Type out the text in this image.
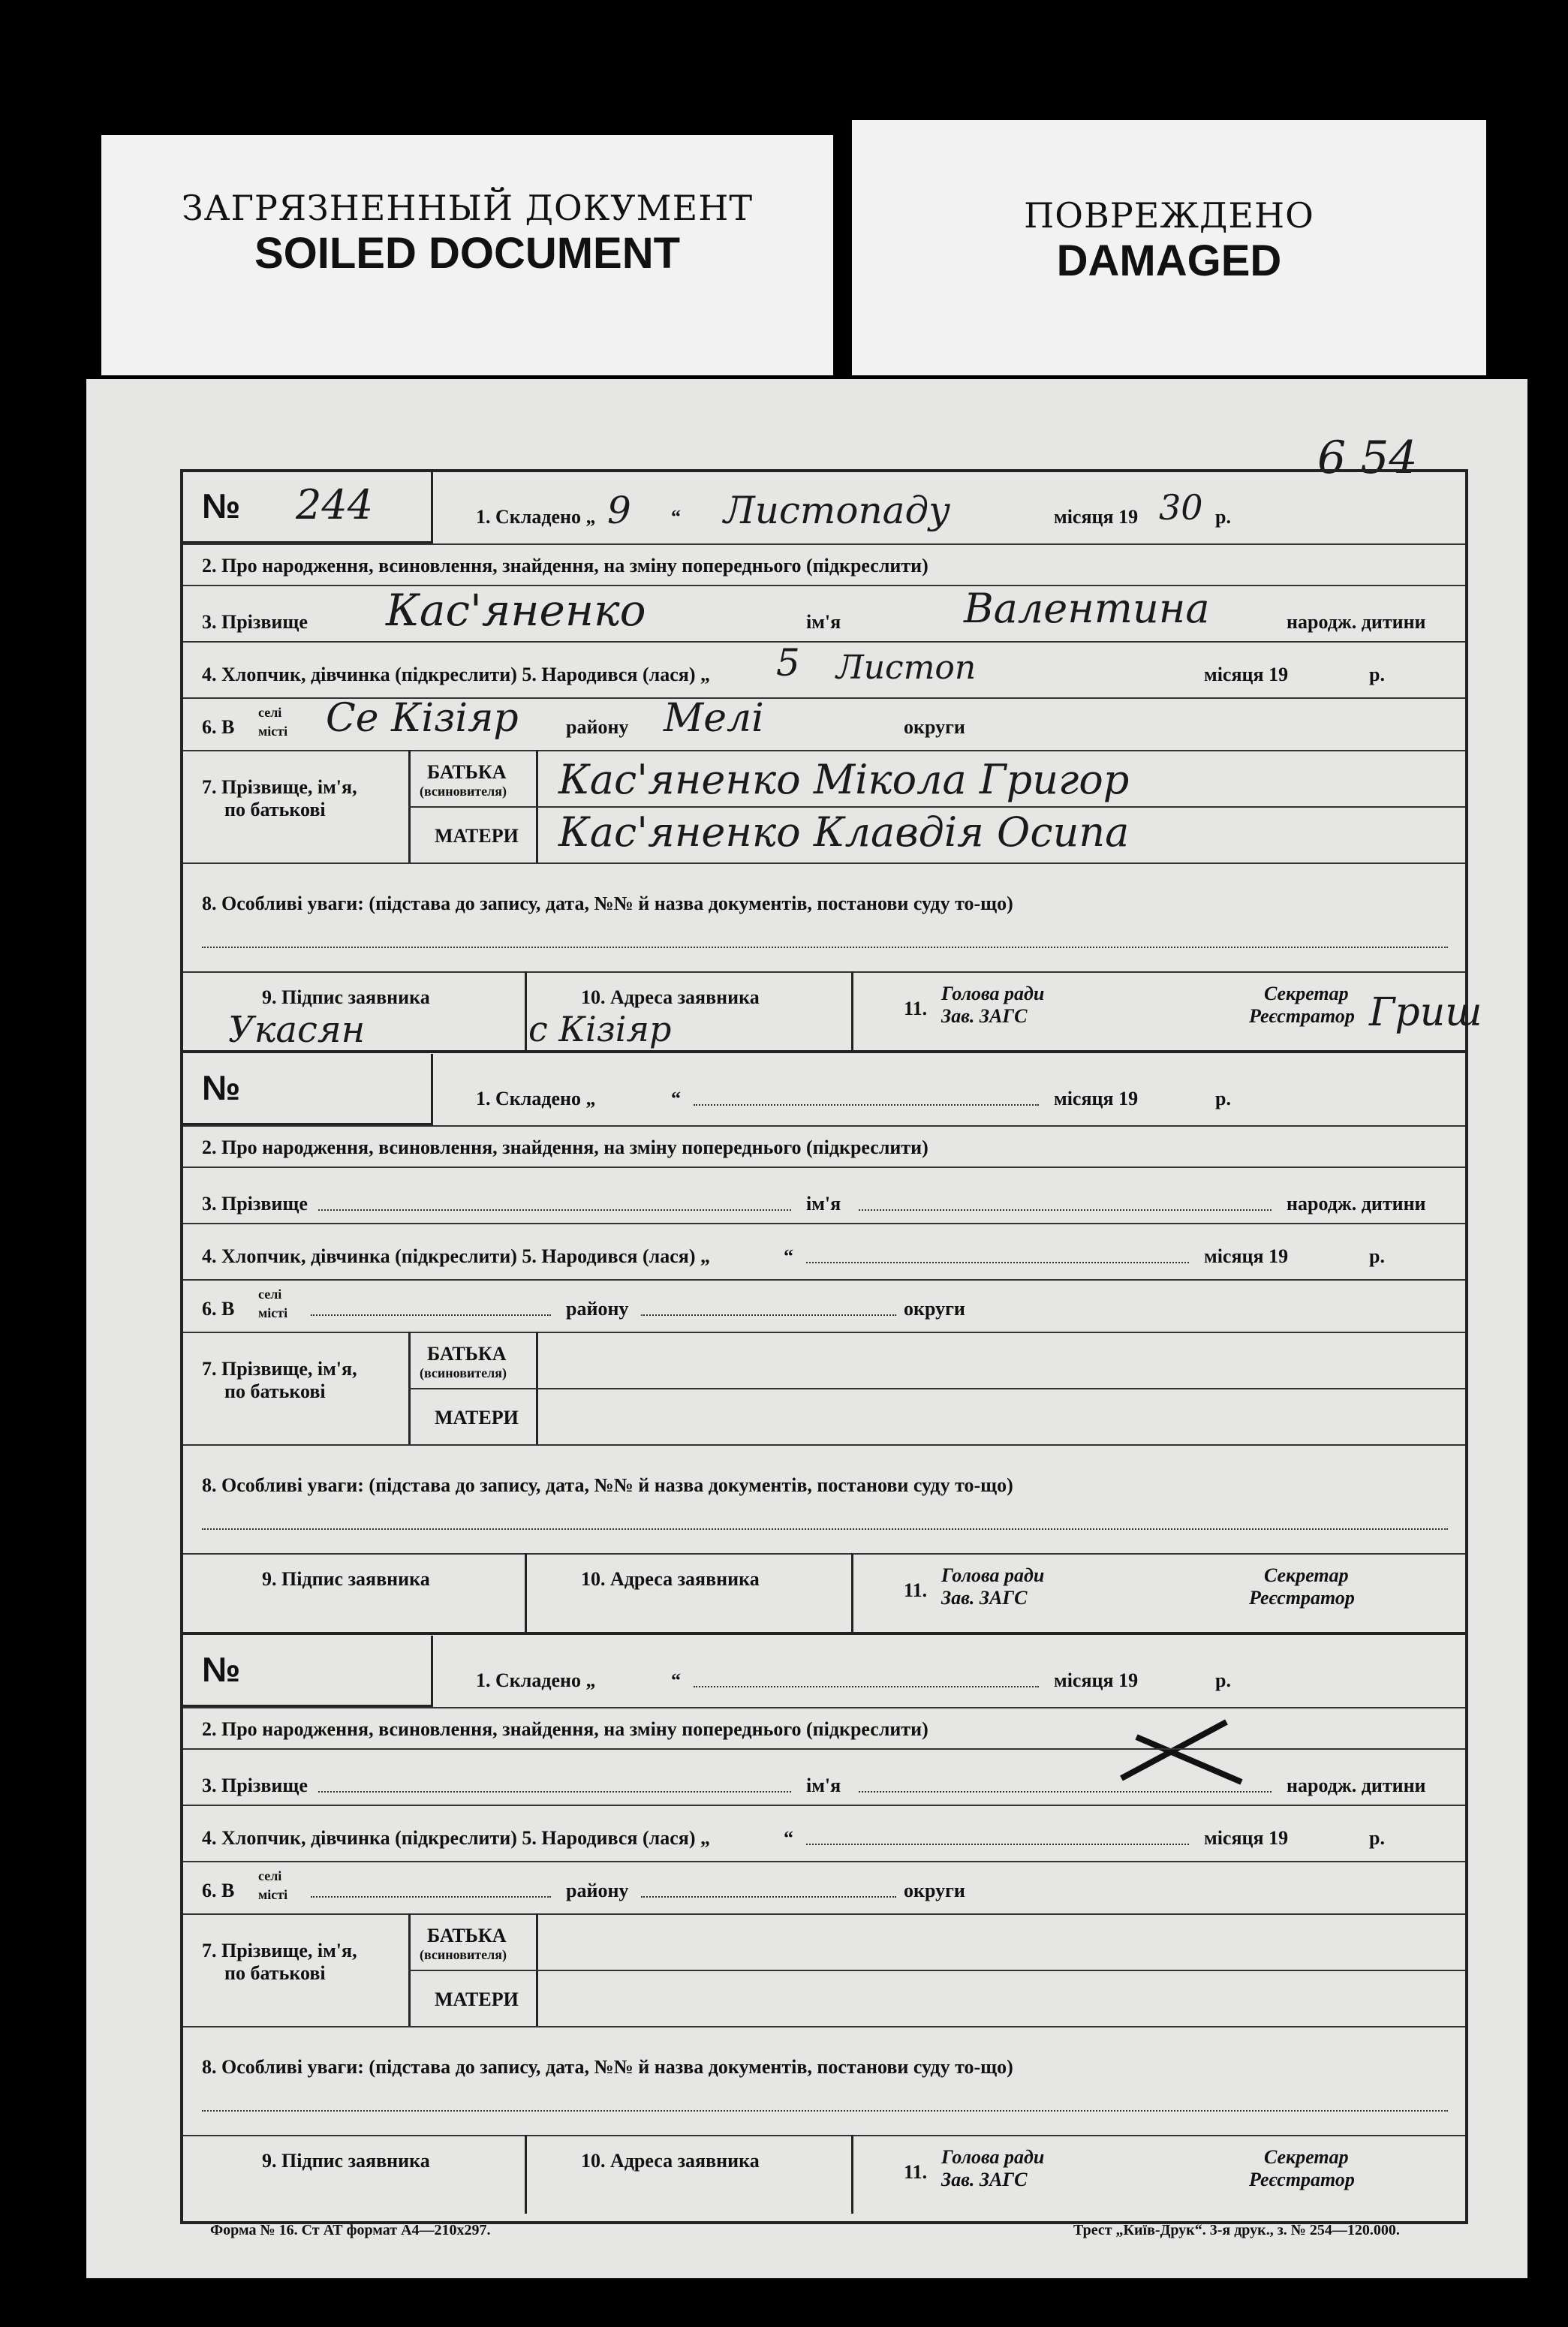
ЗАГРЯЗНЕННЫЙ ДОКУМЕНТ
SOILED DOCUMENT
ПОВРЕЖДЕНО
DAMAGED
6 54
№ 244	1. Складено „ 9 “ Листопаду	місяця 19 30 р.
2. Про народження, всиновлення, знайдення, на зміну попереднього (підкреслити)
3. Прізвище Кас'яненко	ім'я	Валентина	народж. дитини
4. Хлопчик, дівчинка (підкреслити) 5. Народився (лася) „ 5 Листоп	місяця 19	р.
6. В
селі
місті Се Кізіяр району Мелі	округи
7. Прізвище, ім'я,
по батькові
БАТЬКА
(всиновителя) Кас'яненко Мікола Григор
МАТЕРИ Кас'яненко Клавдія Осипа
8. Особливі уваги: (підстава до запису, дата, №№ й назва документів, постанови суду то-що)
9. Підпис заявника
Укасян
10. Адреса заявника
с Кізіяр
11.
Голова ради
Зав. ЗАГС
Секретар
Реєстратор Гриш
№	1. Складено „	“	місяця 19	р.
2. Про народження, всиновлення, знайдення, на зміну попереднього (підкреслити)
3. Прізвище	ім'я	народж. дитини
4. Хлопчик, дівчинка (підкреслити) 5. Народився (лася) „	“	місяця 19	р.
6. В
селі
місті	району	округи
7. Прізвище, ім'я,
по батькові
БАТЬКА
(всиновителя)
МАТЕРИ
8. Особливі уваги: (підстава до запису, дата, №№ й назва документів, постанови суду то-що)
9. Підпис заявника	10. Адреса заявника
11.
Голова ради
Зав. ЗАГС
Секретар
Реєстратор
№	1. Складено „	“	місяця 19	р.
2. Про народження, всиновлення, знайдення, на зміну попереднього (підкреслити)
3. Прізвище	ім'я	народж. дитини
4. Хлопчик, дівчинка (підкреслити) 5. Народився (лася) „	“	місяця 19	р.
6. В
селі
місті	району	округи
7. Прізвище, ім'я,
по батькові
БАТЬКА
(всиновителя)
МАТЕРИ
8. Особливі уваги: (підстава до запису, дата, №№ й назва документів, постанови суду то-що)
9. Підпис заявника	10. Адреса заявника
11.
Голова ради
Зав. ЗАГС
Секретар
Реєстратор
Форма № 16. Ст АТ формат А4—210х297.	Трест „Київ-Друк“. 3-я друк., з. № 254—120.000.
